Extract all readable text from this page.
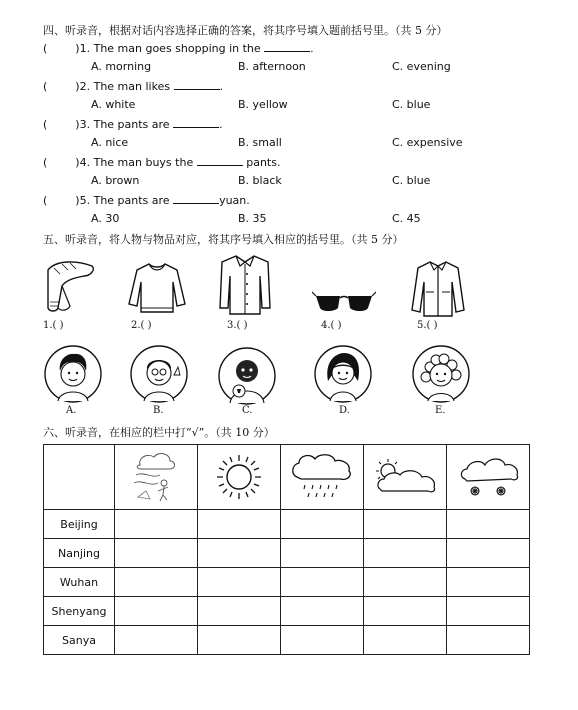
四、听录音，根据对话内容选择正确的答案，将其序号填入题前括号里。（共 5 分）
(	)1. The man goes shopping in the	.
A. morning	B. afternoon	C. evening
(	)2. The man likes	.
A. white	B. yellow	C. blue
(	)3. The pants are	.
A. nice	B. small	C. expensive
(	)4. The man buys the	pants.
A. brown	B. black	C. blue
(	)5. The pants are	yuan.
A. 30	B. 35	C. 45
五、听录音，将人物与物品对应，将其序号填入相应的括号里。（共 5 分）
1.( )	2.( )	3.( )	4.( )	5.( )
A.	B.	C.	D.	E.
六、听录音，在相应的栏中打“√”。（共 10 分）

Beijing					
Nanjing					
Wuhan					
Shenyang					
Sanya					
